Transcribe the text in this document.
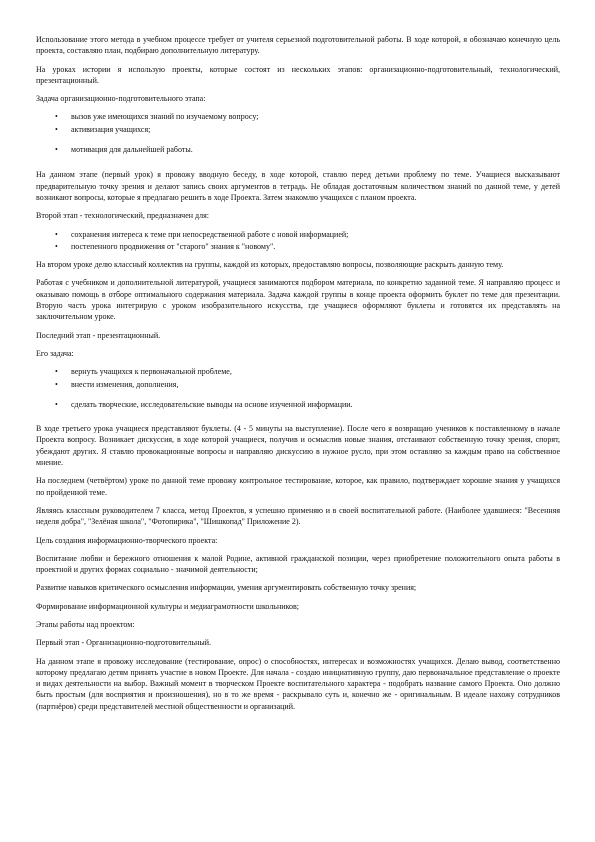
Использование этого метода в учебном процессе требует от учителя серьезной подготовительной работы. В ходе которой, я обозначаю конечную цель проекта, составляю план, подбираю дополнительную литературу.

На уроках истории я использую проекты, которые состоят из нескольких этапов: организационно-подготовительный, технологический, презентационный.

Задача организационно-подготовительного этапа:

• вызов уже имеющихся знаний по изучаемому вопросу;
• активизация учащихся;
• мотивация для дальнейшей работы.

На данном этапе (первый урок) я провожу вводную беседу, в ходе которой, ставлю перед детьми проблему по теме. Учащиеся высказывают предварительную точку зрения и делают запись своих аргументов в тетрадь. Не обладая достаточным количеством знаний по данной теме, у детей возникают вопросы, которые я предлагаю решить в ходе Проекта. Затем знакомлю учащихся с планом проекта.

Второй этап - технологический, предназначен для:

• сохранения интереса к теме при непосредственной работе с новой информацией;
• постепенного продвижения от "старого" знания к "новому".

На втором уроке делю классный коллектив на группы, каждой из которых, предоставляю вопросы, позволяющие раскрыть данную тему.

Работая с учебником и дополнительной литературой, учащиеся занимаются подбором материала, по конкретно заданной теме. Я направляю процесс и оказываю помощь в отборе оптимального содержания материала. Задача каждой группы в конце проекта оформить буклет по теме для презентации. Вторую часть урока интегрирую с уроком изобразительного искусства, где учащиеся оформляют буклеты и готовятся их представлять на заключительном уроке.

Последний этап - презентационный.

Его задача:

• вернуть учащихся к первоначальной проблеме,
• внести изменения, дополнения,
• сделать творческие, исследовательские выводы на основе изученной информации.

В ходе третьего урока учащиеся представляют буклеты. (4 - 5 минуты на выступление). После чего я возвращаю учеников к поставленному в начале Проекта вопросу. Возникает дискуссия, в ходе которой учащиеся, получив и осмыслив новые знания, отстаивают собственную точку зрения, спорят, убеждают других. Я ставлю провокационные вопросы и направляю дискуссию в нужное русло, при этом оставляю за каждым право на собственное мнение.

На последнем (четвёртом) уроке по данной теме провожу контрольное тестирование, которое, как правило, подтверждает хорошие знания у учащихся по пройденной теме.

Являясь классным руководителем 7 класса, метод Проектов, я успешно применяю и в своей воспитательной работе. (Наиболее удавшиеся: "Весенняя неделя добра", "Зелёная школа", "Фотопирика", "Шишкопад" Приложение 2).

Цель создания информационно-творческого проекта:

Воспитание любви и бережного отношения к малой Родине, активной гражданской позиции, через приобретение положительного опыта работы в проектной и других формах социально - значимой деятельности;

Развитие навыков критического осмысления информации, умения аргументировать собственную точку зрения;

Формирование информационной культуры и медиаграмотности школьников;

Этапы работы над проектом:

Первый этап - Организационно-подготовительный.

На данном этапе я провожу исследование (тестирование, опрос) о способностях, интересах и возможностях учащихся. Делаю вывод, соответственно которому предлагаю детям принять участие в новом Проекте. Для начала - создаю инициативную группу, даю первоначальное представление о проекте и видах деятельности на выбор. Важный момент в творческом Проекте воспитательного характера - подобрать название самого Проекта. Оно должно быть простым (для восприятия и произношения), но в то же время - раскрывало суть и, конечно же - оригинальным. В идеале нахожу сотрудников (партнёров) среди представителей местной общественности и организаций.
